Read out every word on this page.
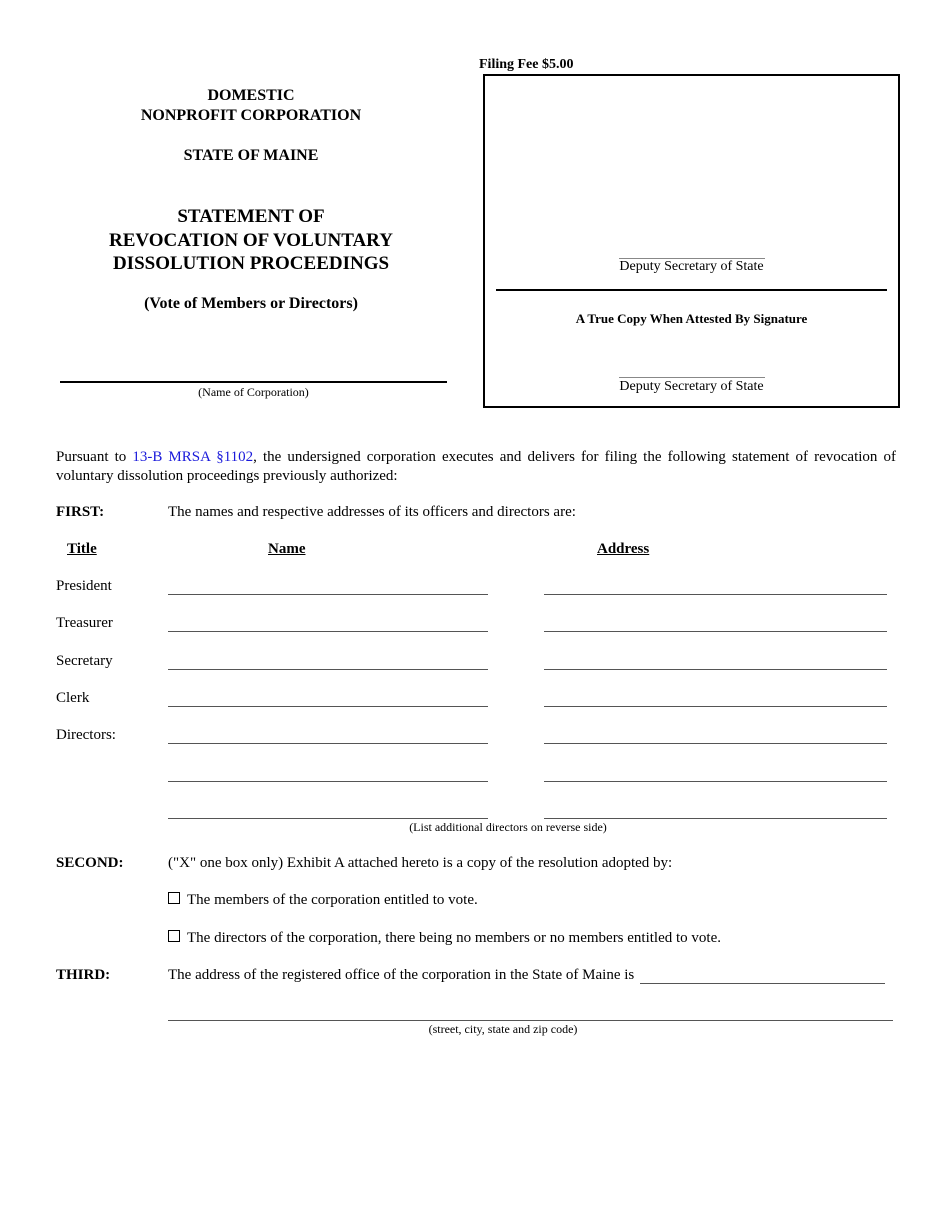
DOMESTIC
NONPROFIT CORPORATION
STATE OF MAINE
STATEMENT OF
REVOCATION OF VOLUNTARY
DISSOLUTION PROCEEDINGS
(Vote of Members or Directors)
(Name of Corporation)
Filing Fee $5.00
Deputy Secretary of State
A True Copy When Attested By Signature
Deputy Secretary of State
Pursuant to 13-B MRSA §1102, the undersigned corporation executes and delivers for filing the following statement of revocation of voluntary dissolution proceedings previously authorized:
FIRST:	The names and respective addresses of its officers and directors are:
Title	Name	Address
President
Treasurer
Secretary
Clerk
Directors:
(List additional directors on reverse side)
SECOND:	("X" one box only) Exhibit A attached hereto is a copy of the resolution adopted by:
The members of the corporation entitled to vote.
The directors of the corporation, there being no members or no members entitled to vote.
THIRD:	The address of the registered office of the corporation in the State of Maine is
(street, city, state and zip code)
